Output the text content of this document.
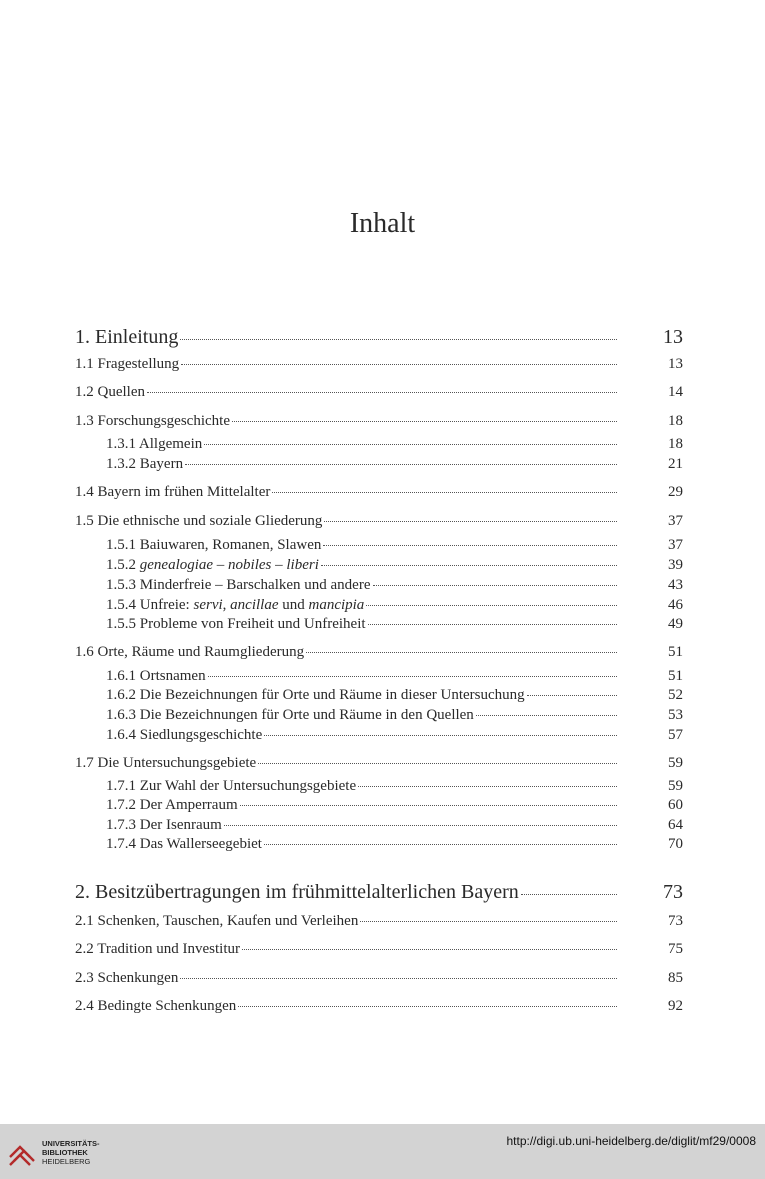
Inhalt
1. Einleitung	13
1.1 Fragestellung	13
1.2 Quellen	14
1.3 Forschungsgeschichte	18
1.3.1 Allgemein	18
1.3.2 Bayern	21
1.4 Bayern im frühen Mittelalter	29
1.5 Die ethnische und soziale Gliederung	37
1.5.1 Baiuwaren, Romanen, Slawen	37
1.5.2 genealogiae – nobiles – liberi	39
1.5.3 Minderfreie – Barschalken und andere	43
1.5.4 Unfreie: servi, ancillae und mancipia	46
1.5.5 Probleme von Freiheit und Unfreiheit	49
1.6 Orte, Räume und Raumgliederung	51
1.6.1 Ortsnamen	51
1.6.2 Die Bezeichnungen für Orte und Räume in dieser Untersuchung	52
1.6.3 Die Bezeichnungen für Orte und Räume in den Quellen	53
1.6.4 Siedlungsgeschichte	57
1.7 Die Untersuchungsgebiete	59
1.7.1 Zur Wahl der Untersuchungsgebiete	59
1.7.2 Der Amperraum	60
1.7.3 Der Isenraum	64
1.7.4 Das Wallerseegebiet	70
2. Besitzübertragungen im frühmittelalterlichen Bayern	73
2.1 Schenken, Tauschen, Kaufen und Verleihen	73
2.2 Tradition und Investitur	75
2.3 Schenkungen	85
2.4 Bedingte Schenkungen	92
UNIVERSITÄTS-
BIBLIOTHEK
HEIDELBERG
http://digi.ub.uni-heidelberg.de/diglit/mf29/0008
